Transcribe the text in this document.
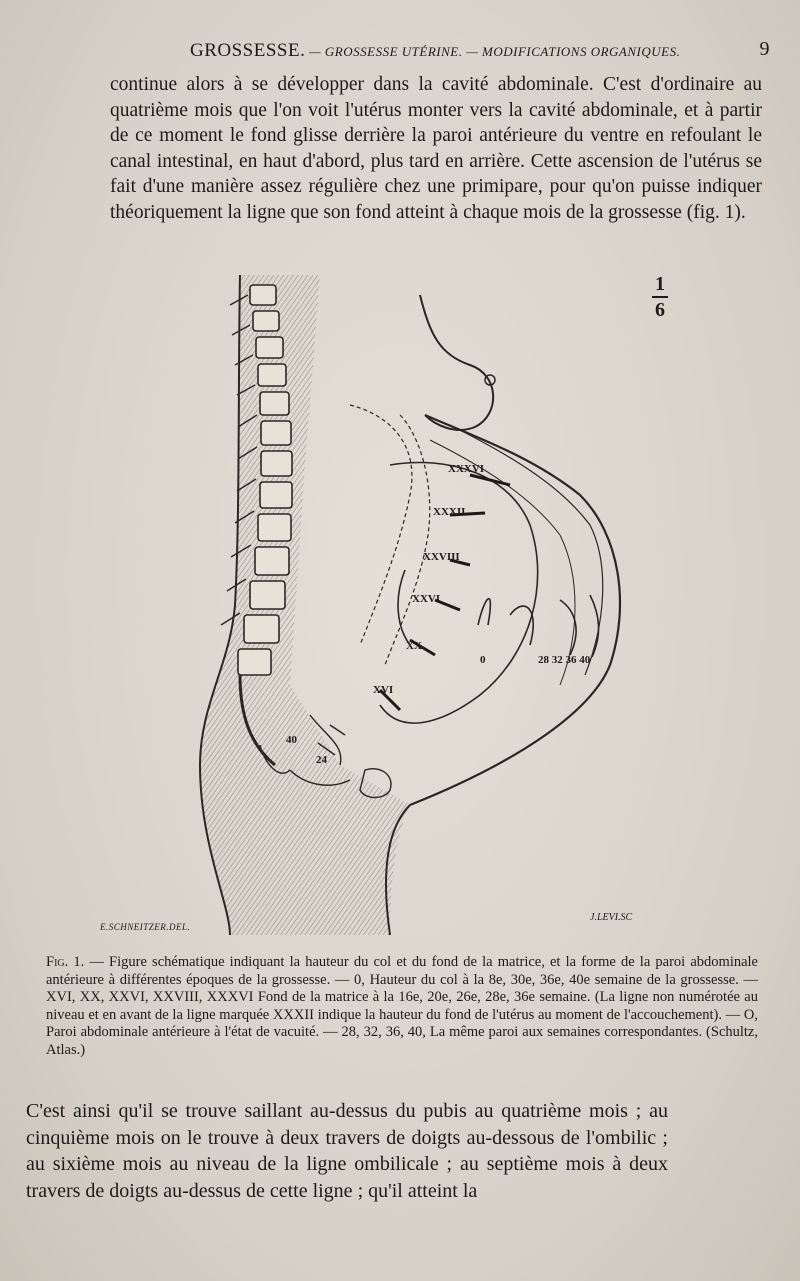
GROSSESSE. — GROSSESSE UTÉRINE. — MODIFICATIONS ORGANIQUES.	9
continue alors à se développer dans la cavité abdominale. C'est d'ordinaire au quatrième mois que l'on voit l'utérus monter vers la cavité abdominale, et à partir de ce moment le fond glisse derrière la paroi antérieure du ventre en refoulant le canal intestinal, en haut d'abord, plus tard en arrière. Cette ascension de l'utérus se fait d'une manière assez régulière chez une primipare, pour qu'on puisse indiquer théoriquement la ligne que son fond atteint à chaque mois de la grossesse (fig. 1).
XXXVI
XXXII
XXVIII
XXVI
XX
XVI
40
24
0	28 32 36 40
1
6
E.SCHNEITZER.DEL.
J.LEVI.SC
Fig. 1. — Figure schématique indiquant la hauteur du col et du fond de la matrice, et la forme de la paroi abdominale antérieure à différentes époques de la grossesse. — 0, Hauteur du col à la 8e, 30e, 36e, 40e semaine de la grossesse. — XVI, XX, XXVI, XXVIII, XXXVI Fond de la matrice à la 16e, 20e, 26e, 28e, 36e semaine. (La ligne non numérotée au niveau et en avant de la ligne marquée XXXII indique la hauteur du fond de l'utérus au moment de l'accouchement). — O, Paroi abdominale antérieure à l'état de vacuité. — 28, 32, 36, 40, La même paroi aux semaines correspondantes. (Schultz, Atlas.)
C'est ainsi qu'il se trouve saillant au-dessus du pubis au quatrième mois ; au cinquième mois on le trouve à deux travers de doigts au-dessous de l'ombilic ; au sixième mois au niveau de la ligne ombilicale ; au septième mois à deux travers de doigts au-dessus de cette ligne ; qu'il atteint la
